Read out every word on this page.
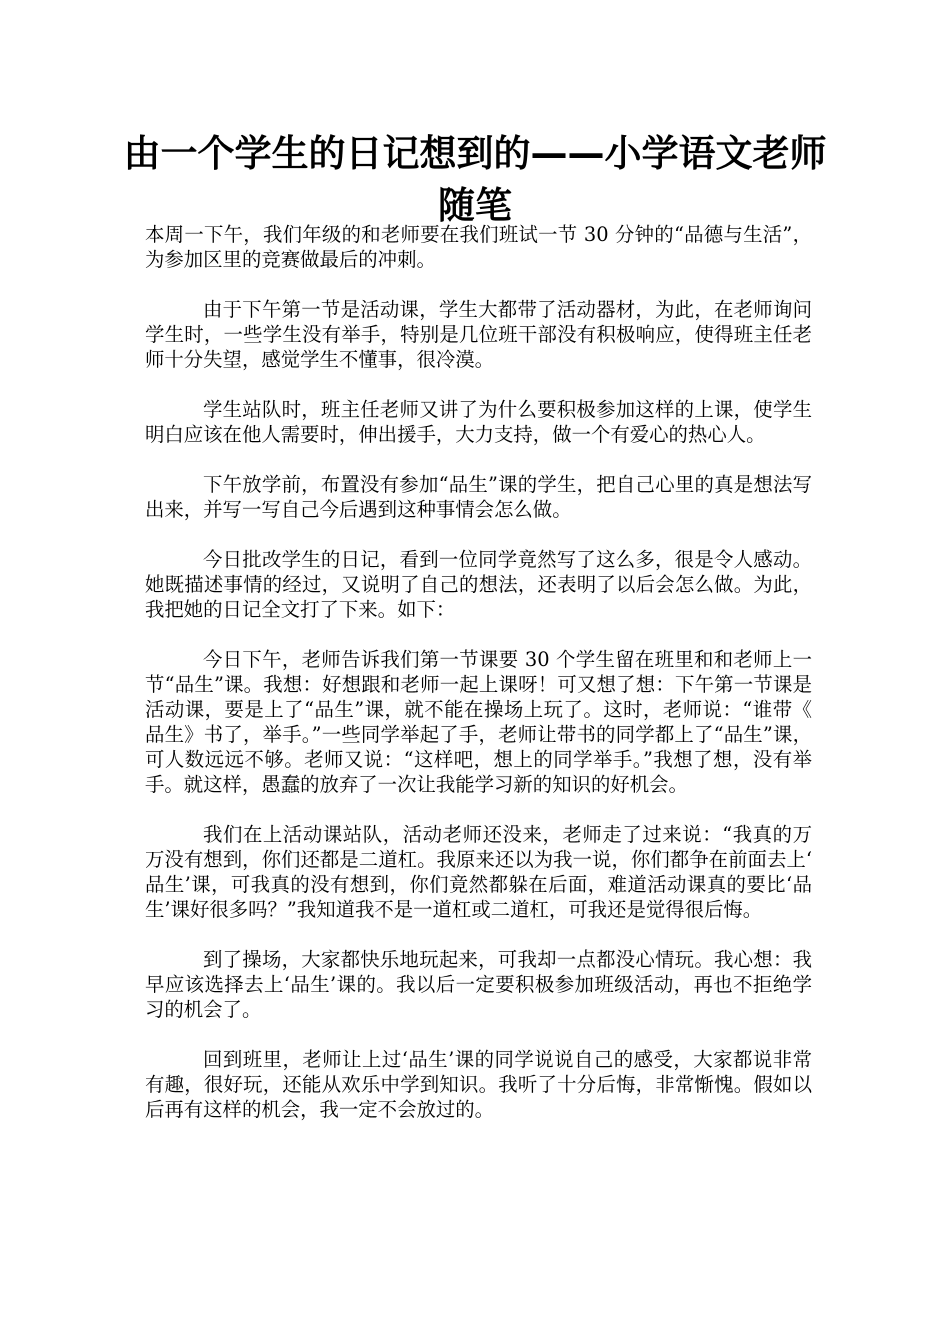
由一个学生的日记想到的——小学语文老师随笔

本周一下午，我们年级的和老师要在我们班试一节 30 分钟的“品德与生活”，为参加区里的竞赛做最后的冲刺。

由于下午第一节是活动课，学生大都带了活动器材，为此，在老师询问学生时，一些学生没有举手，特别是几位班干部没有积极响应，使得班主任老师十分失望，感觉学生不懂事，很冷漠。

学生站队时，班主任老师又讲了为什么要积极参加这样的上课，使学生明白应该在他人需要时，伸出援手，大力支持，做一个有爱心的热心人。

下午放学前，布置没有参加“品生”课的学生，把自己心里的真是想法写出来，并写一写自己今后遇到这种事情会怎么做。

今日批改学生的日记，看到一位同学竟然写了这么多，很是令人感动。她既描述事情的经过，又说明了自己的想法，还表明了以后会怎么做。为此，我把她的日记全文打了下来。如下：

今日下午，老师告诉我们第一节课要 30 个学生留在班里和和老师上一节“品生”课。我想：好想跟和老师一起上课呀！可又想了想：下午第一节课是活动课，要是上了“品生”课，就不能在操场上玩了。这时，老师说：“谁带《品生》书了，举手。”一些同学举起了手，老师让带书的同学都上了“品生”课，可人数远远不够。老师又说：“这样吧，想上的同学举手。”我想了想，没有举手。就这样，愚蠢的放弃了一次让我能学习新的知识的好机会。

我们在上活动课站队，活动老师还没来，老师走了过来说：“我真的万万没有想到，你们还都是二道杠。我原来还以为我一说，你们都争在前面去上‘品生’课，可我真的没有想到，你们竟然都躲在后面，难道活动课真的要比‘品生’课好很多吗？”我知道我不是一道杠或二道杠，可我还是觉得很后悔。

到了操场，大家都快乐地玩起来，可我却一点都没心情玩。我心想：我早应该选择去上‘品生’课的。我以后一定要积极参加班级活动，再也不拒绝学习的机会了。

回到班里，老师让上过‘品生’课的同学说说自己的感受，大家都说非常有趣，很好玩，还能从欢乐中学到知识。我听了十分后悔，非常惭愧。假如以后再有这样的机会，我一定不会放过的。
